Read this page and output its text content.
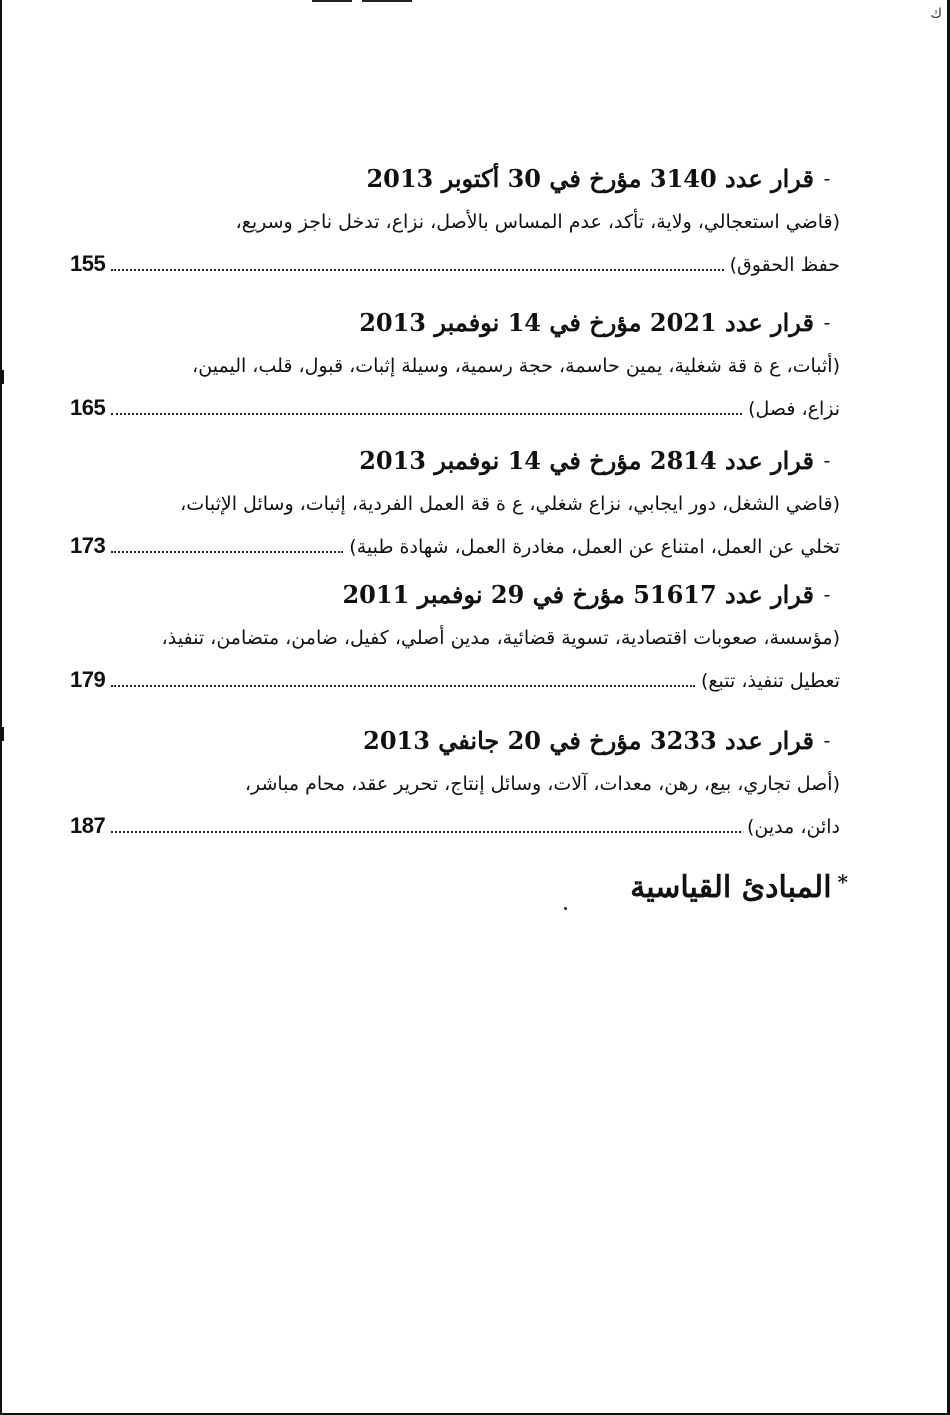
ك
-
قرار عدد 3140 مؤرخ في 30 أكتوبر 2013
(قاضي استعجالي، ولاية، تأكد، عدم المساس بالأصل، نزاع، تدخل ناجز وسريع،
حفظ الحقوق)
155
-
قرار عدد 2021 مؤرخ في 14 نوفمبر 2013
(أثبات، ع ة قة شغلية، يمين حاسمة، حجة رسمية، وسيلة إثبات، قبول، قلب، اليمين،
نزاع، فصل)
165
-
قرار عدد 2814 مؤرخ في 14 نوفمبر 2013
(قاضي الشغل، دور ايجابي، نزاع شغلي، ع ة قة العمل الفردية، إثبات، وسائل الإثبات،
تخلي عن العمل، امتناع عن العمل، مغادرة العمل، شهادة طبية)
173
-
قرار عدد 51617 مؤرخ في 29 نوفمبر 2011
(مؤسسة، صعوبات اقتصادية، تسوية قضائية، مدين أصلي، كفيل، ضامن، متضامن، تنفيذ،
تعطيل تنفيذ، تتبع)
179
-
قرار عدد 3233 مؤرخ في 20 جانفي 2013
(أصل تجاري، بيع، رهن، معدات، آلات، وسائل إنتاج، تحرير عقد، محام مباشر،
دائن، مدين)
187
*المبادئ القياسية
